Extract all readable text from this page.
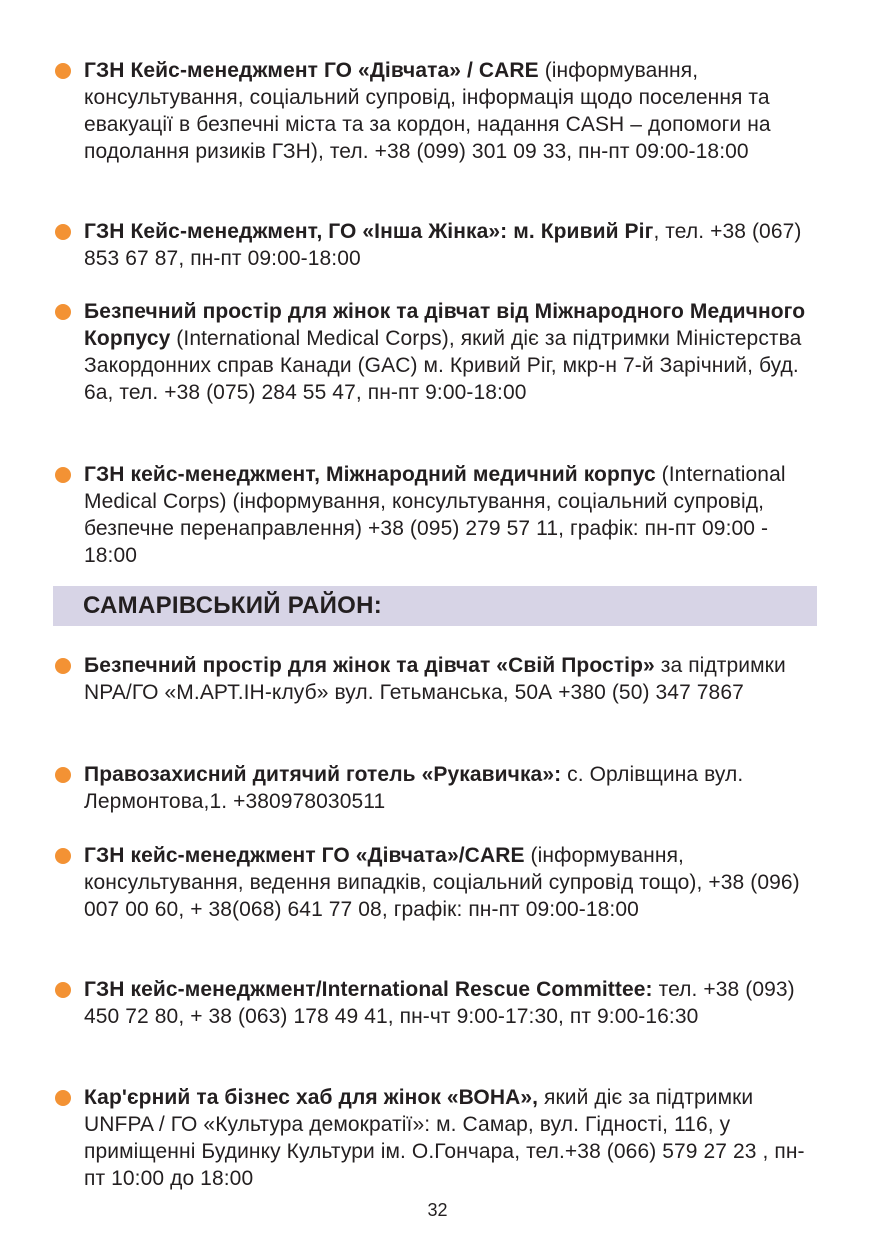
ГЗН Кейс-менеджмент ГО «Дівчата» / CARE (інформування, консультування, соціальний супровід, інформація щодо поселення та евакуації в безпечні міста та за кордон, надання CASH – допомоги на подолання ризиків ГЗН), тел. +38 (099) 301 09 33, пн-пт 09:00-18:00
ГЗН Кейс-менеджмент, ГО «Інша Жінка»: м. Кривий Ріг, тел. +38 (067) 853 67 87, пн-пт 09:00-18:00
Безпечний простір для жінок та дівчат від Міжнародного Медичного Корпусу (International Medical Corps), який діє за підтримки Міністерства Закордонних справ Канади (GAC) м. Кривий Ріг, мкр-н 7-й Зарічний, буд. 6а, тел. +38 (075) 284 55 47, пн-пт 9:00-18:00
ГЗН кейс-менеджмент, Міжнародний медичний корпус (International Medical Corps) (інформування, консультування, соціальний супровід, безпечне перенаправлення) +38 (095) 279 57 11, графік: пн-пт 09:00 - 18:00
САМАРІВСЬКИЙ РАЙОН:
Безпечний простір для жінок та дівчат «Свій Простір» за підтримки NPA/ГО «М.АРТ.ІН-клуб» вул. Гетьманська, 50А +380 (50) 347 7867
Правозахисний дитячий готель «Рукавичка»: с. Орлівщина вул. Лермонтова,1. +380978030511
ГЗН кейс-менеджмент ГО «Дівчата»/CARE (інформування, консультування, ведення випадків, соціальний супровід тощо), +38 (096) 007 00 60, + 38(068) 641 77 08, графік: пн-пт 09:00-18:00
ГЗН кейс-менеджмент/International Rescue Committee: тел. +38 (093) 450 72 80, + 38 (063) 178 49 41, пн-чт 9:00-17:30, пт 9:00-16:30
Кар'єрний та бізнес хаб для жінок «ВОНА», який діє за підтримки UNFPA / ГО «Культура демократії»: м. Самар, вул. Гідності, 116, у приміщенні Будинку Культури ім. О.Гончара, тел.+38 (066) 579 27 23 , пн-пт 10:00 до 18:00
32
